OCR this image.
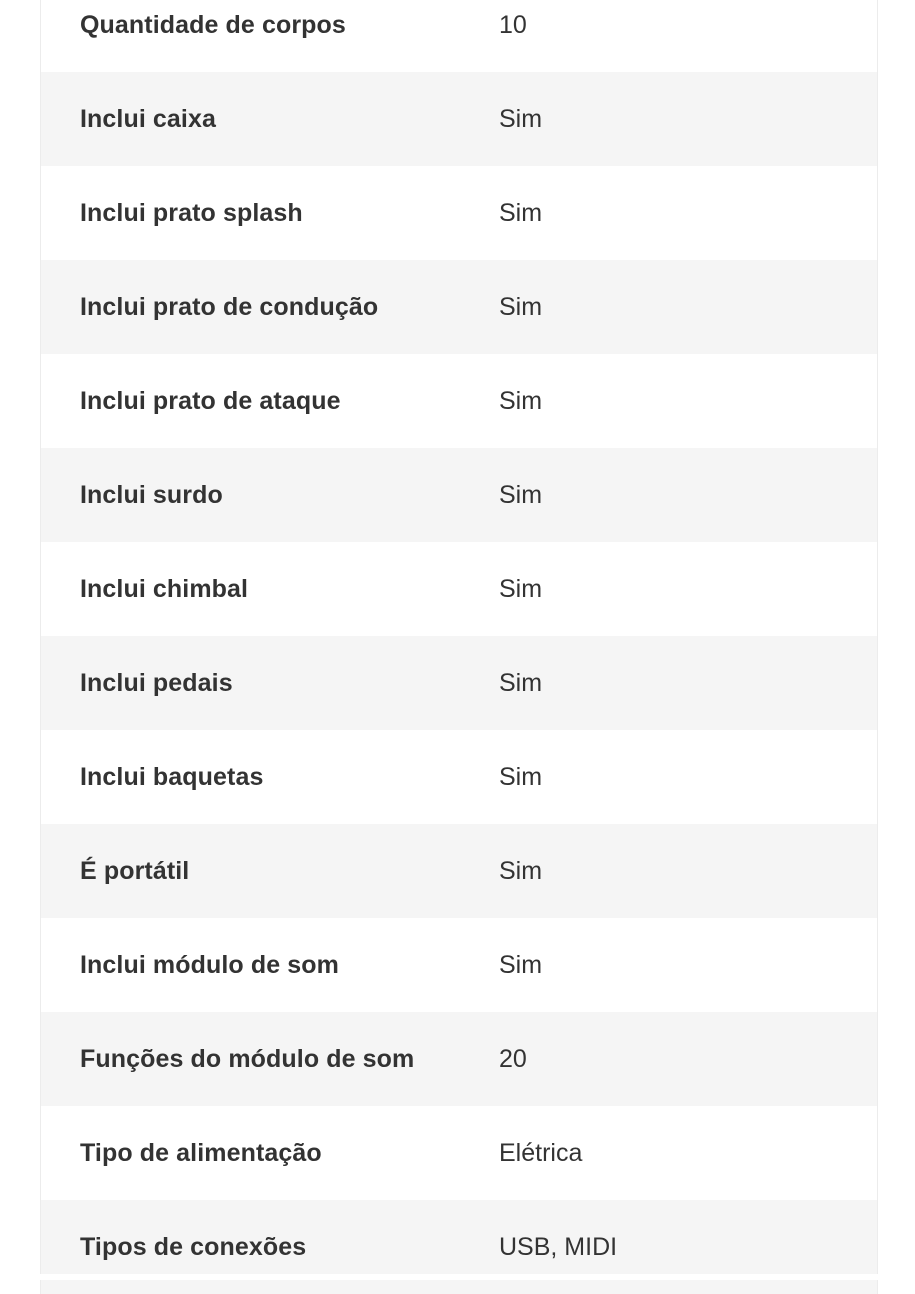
Quantidade de corpos	10
Inclui caixa	Sim
Inclui prato splash	Sim
Inclui prato de condução	Sim
Inclui prato de ataque	Sim
Inclui surdo	Sim
Inclui chimbal	Sim
Inclui pedais	Sim
Inclui baquetas	Sim
É portátil	Sim
Inclui módulo de som	Sim
Funções do módulo de som	20
Tipo de alimentação	Elétrica
Tipos de conexões	USB, MIDI
